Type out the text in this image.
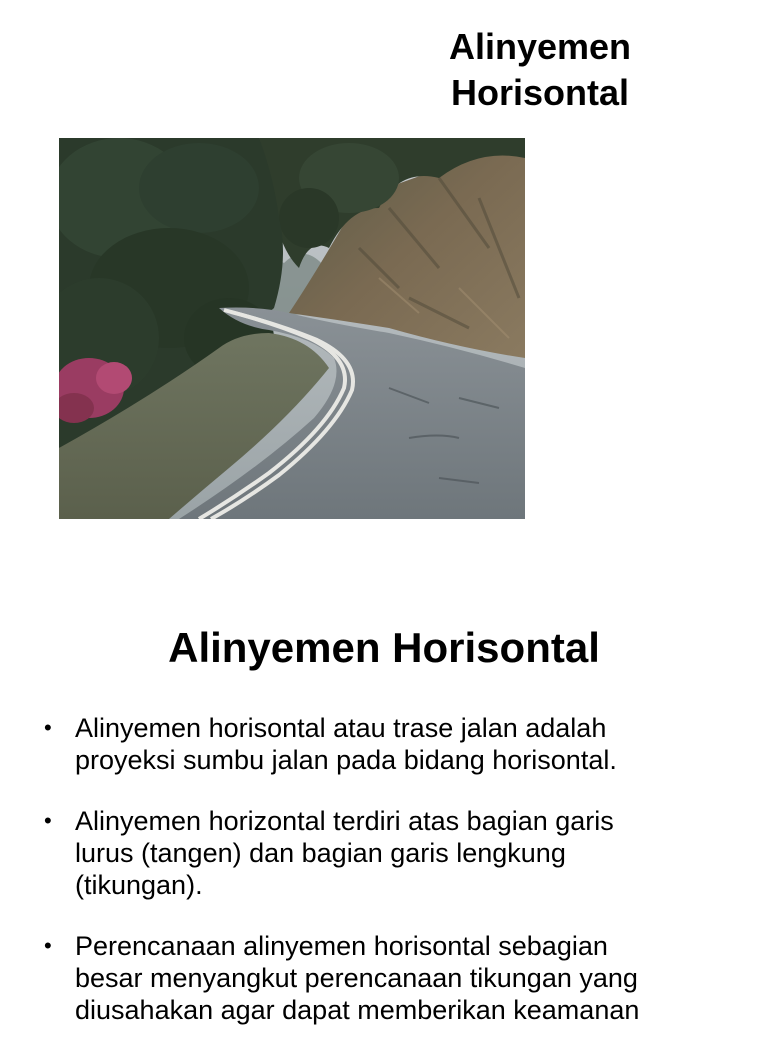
Alinyemen
Horisontal
Alinyemen Horisontal
• Alinyemen horisontal atau trase jalan adalah
proyeksi sumbu jalan pada bidang horisontal.
• Alinyemen horizontal terdiri atas bagian garis
lurus (tangen) dan bagian garis lengkung
(tikungan).
• Perencanaan alinyemen horisontal sebagian
besar menyangkut perencanaan tikungan yang
diusahakan agar dapat memberikan keamanan
